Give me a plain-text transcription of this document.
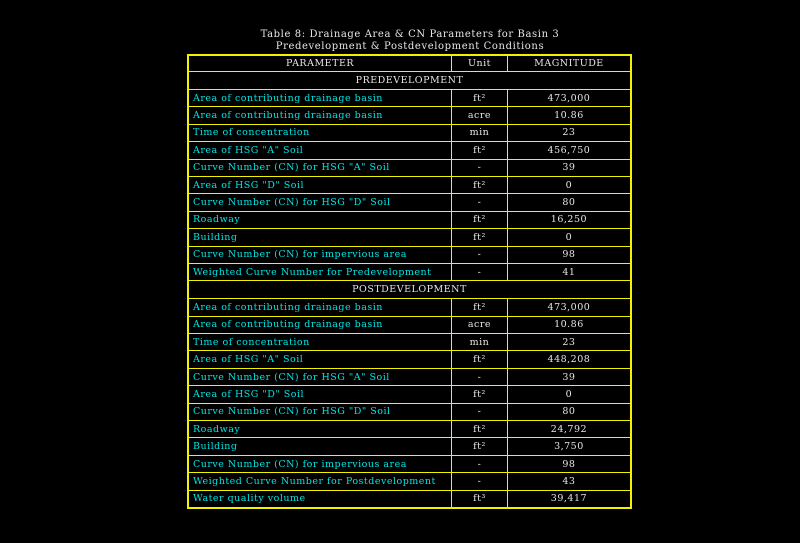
Table 8: Drainage Area & CN Parameters for Basin 3
Predevelopment & Postdevelopment Conditions
PARAMETER	Unit	MAGNITUDE
PREDEVELOPMENT		
Area of contributing drainage basin	ft²	473,000
Area of contributing drainage basin	acre	10.86
Time of concentration	min	23
Area of HSG "A" Soil	ft²	456,750
Curve Number (CN) for HSG "A" Soil	-	39
Area of HSG "D" Soil	ft²	0
Curve Number (CN) for HSG "D" Soil	-	80
Roadway	ft²	16,250
Building	ft²	0
Curve Number (CN) for impervious area	-	98
Weighted Curve Number for Predevelopment	-	41
POSTDEVELOPMENT		
Area of contributing drainage basin	ft²	473,000
Area of contributing drainage basin	acre	10.86
Time of concentration	min	23
Area of HSG "A" Soil	ft²	448,208
Curve Number (CN) for HSG "A" Soil	-	39
Area of HSG "D" Soil	ft²	0
Curve Number (CN) for HSG "D" Soil	-	80
Roadway	ft²	24,792
Building	ft²	3,750
Curve Number (CN) for impervious area	-	98
Weighted Curve Number for Postdevelopment	-	43
Water quality volume	ft³	39,417
